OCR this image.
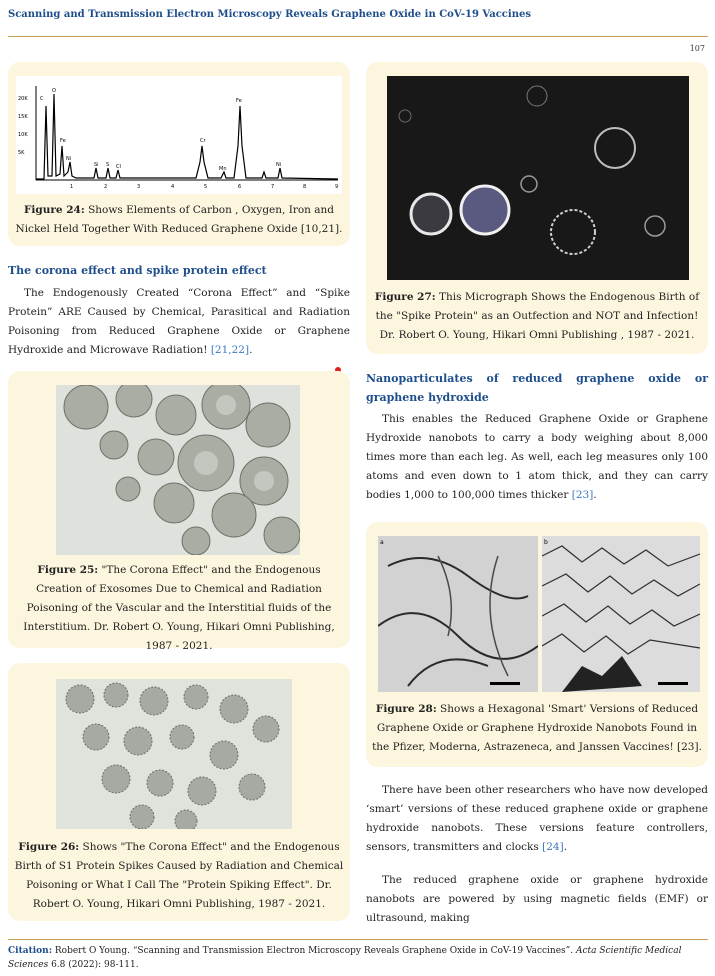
Scanning and Transmission Electron Microscopy Reveals Graphene Oxide in CoV-19 Vaccines
107
20K
15K
10K
5K
1	2	3	4	5	6	7	8	9
C
O
Fe
Ni
Si S Cl
Cr
Mn
Fe
Ni
Figure 24: Shows Elements of Carbon , Oxygen, Iron and Nickel Held Together With Reduced Graphene Oxide [10,21].
The corona effect and spike protein effect
The Endogenously Created “Corona Effect” and “Spike Protein” ARE Caused by Chemical, Parasitical and Radiation Poisoning from Reduced Graphene Oxide or Graphene Hydroxide and Microwave Radiation! [21,22].
Figure 25: "The Corona Effect" and the Endogenous Creation of Exosomes Due to Chemical and Radiation Poisoning of the Vascular and the Interstitial fluids of the Interstitium. Dr. Robert O. Young, Hikari Omni Publishing, 1987 - 2021.
Figure 26: Shows "The Corona Effect" and the Endogenous Birth of S1 Protein Spikes Caused by Radiation and Chemical Poisoning or What I Call The "Protein Spiking Effect". Dr. Robert O. Young, Hikari Omni Publishing, 1987 - 2021.
Figure 27: This Micrograph Shows the Endogenous Birth of the "Spike Protein" as an Outfection and NOT and Infection! Dr. Robert O. Young, Hikari Omni Publishing , 1987 - 2021.
Nanoparticulates of reduced graphene oxide or graphene hydroxide
This enables the Reduced Graphene Oxide or Graphene Hydroxide nanobots to carry a body weighing about 8,000 times more than each leg. As well, each leg measures only 100 atoms and even down to 1 atom thick, and they can carry bodies 1,000 to 100,000 times thicker [23].
a	b
Figure 28: Shows a Hexagonal 'Smart' Versions of Reduced Graphene Oxide or Graphene Hydroxide Nanobots Found in the Pfizer, Moderna, Astrazeneca, and Janssen Vaccines! [23].
There have been other researchers who have now developed ‘smart’ versions of these reduced graphene oxide or graphene hydroxide nanobots. These versions feature controllers, sensors, transmitters and clocks [24].
The reduced graphene oxide or graphene hydroxide nanobots are powered by using magnetic fields (EMF) or ultrasound, making
Citation: Robert O Young. “Scanning and Transmission Electron Microscopy Reveals Graphene Oxide in CoV-19 Vaccines”. Acta Scientific Medical Sciences 6.8 (2022): 98-111.
